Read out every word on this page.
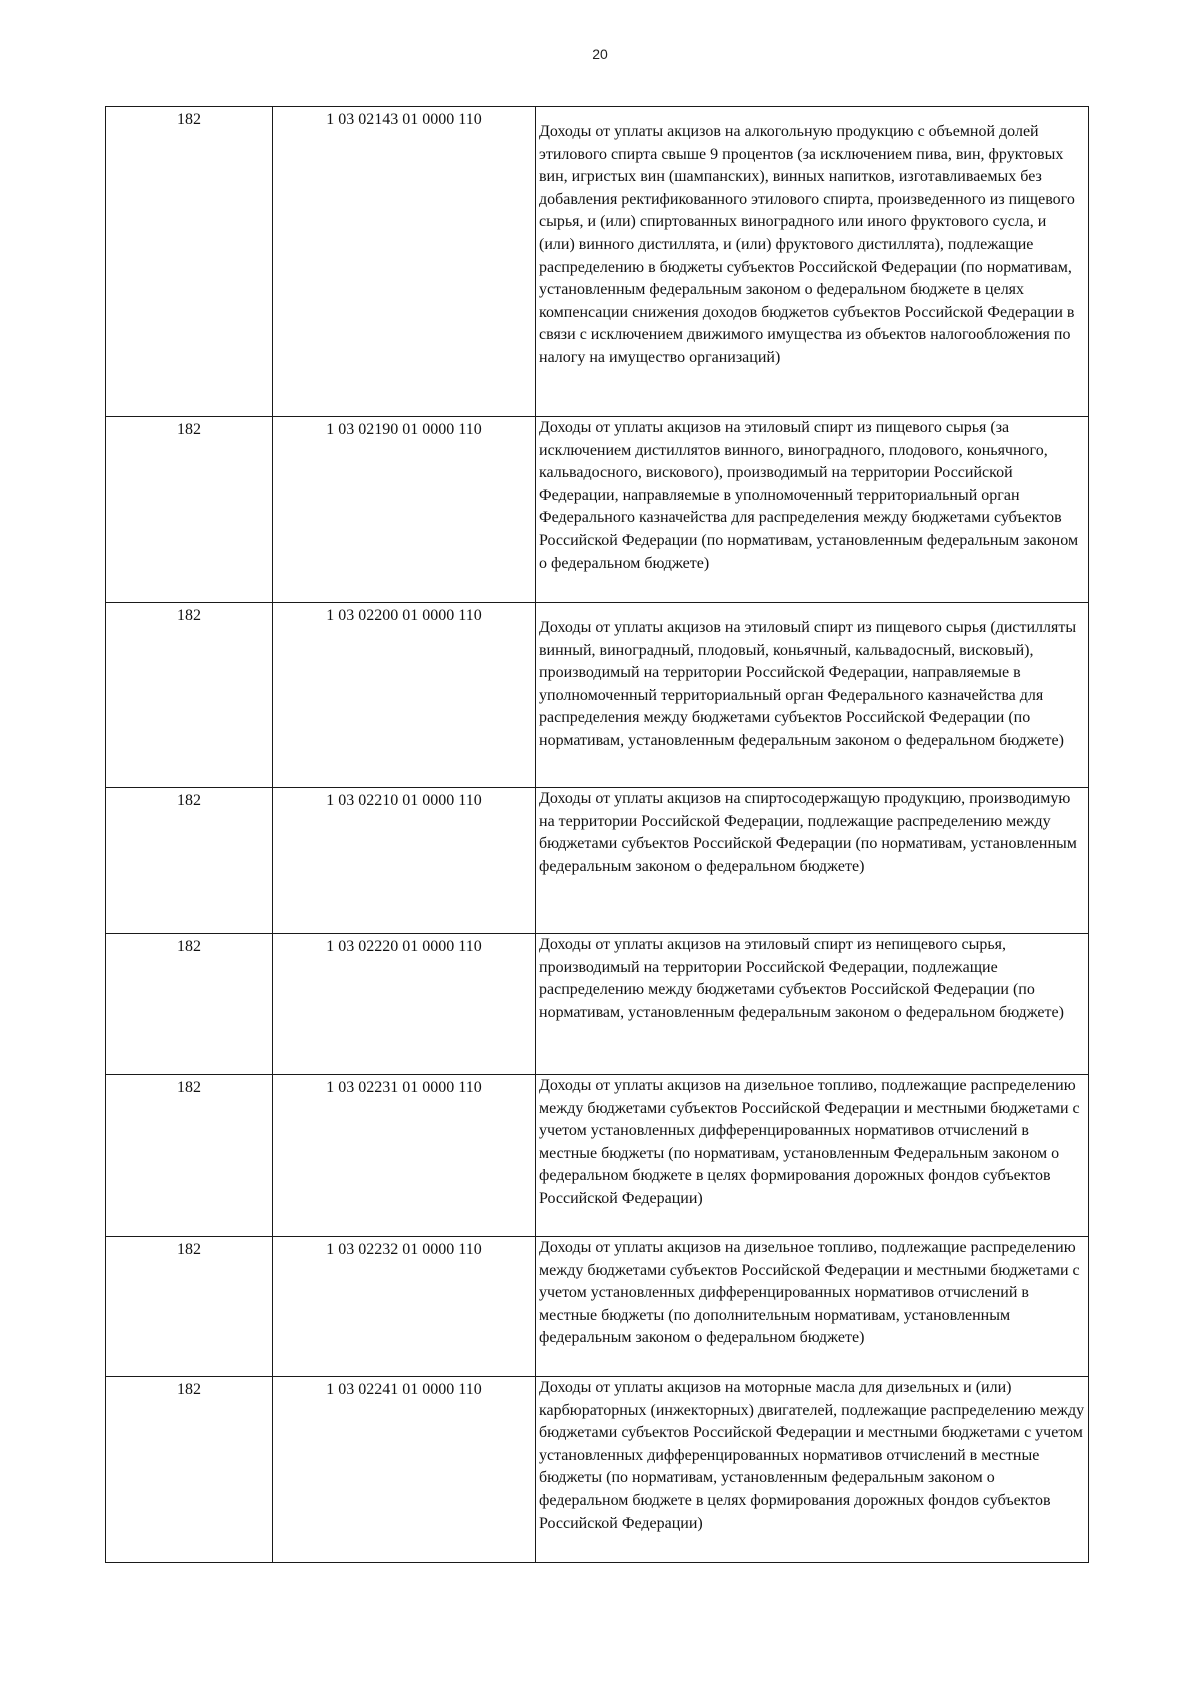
20
182	1 03 02143 01 0000 110	Доходы от уплаты акцизов на алкогольную продукцию с объемной долей этилового спирта свыше 9 процентов (за исключением пива, вин, фруктовых вин, игристых вин (шампанских), винных напитков, изготавливаемых без добавления ректификованного этилового спирта, произведенного из пищевого сырья, и (или) спиртованных виноградного или иного фруктового сусла, и (или) винного дистиллята, и (или) фруктового дистиллята), подлежащие распределению в бюджеты субъектов Российской Федерации (по нормативам, установленным федеральным законом о федеральном бюджете в целях компенсации снижения доходов бюджетов субъектов Российской Федерации в связи с исключением движимого имущества из объектов налогообложения по налогу на имущество организаций)
182	1 03 02190 01 0000 110	Доходы от уплаты акцизов на этиловый спирт из пищевого сырья (за исключением дистиллятов винного, виноградного, плодового, коньячного, кальвадосного, вискового), производимый на территории Российской Федерации, направляемые в уполномоченный территориальный орган Федерального казначейства для распределения между бюджетами субъектов Российской Федерации (по нормативам, установленным федеральным законом о федеральном бюджете)
182	1 03 02200 01 0000 110	Доходы от уплаты акцизов на этиловый спирт из пищевого сырья (дистилляты винный, виноградный, плодовый, коньячный, кальвадосный, висковый), производимый на территории Российской Федерации, направляемые в уполномоченный территориальный орган Федерального казначейства для распределения между бюджетами субъектов Российской Федерации (по нормативам, установленным федеральным законом о федеральном бюджете)
182	1 03 02210 01 0000 110	Доходы от уплаты акцизов на спиртосодержащую продукцию, производимую на территории Российской Федерации, подлежащие распределению между бюджетами субъектов Российской Федерации (по нормативам, установленным федеральным законом о федеральном бюджете)
182	1 03 02220 01 0000 110	Доходы от уплаты акцизов на этиловый спирт из непищевого сырья, производимый на территории Российской Федерации, подлежащие распределению между бюджетами субъектов Российской Федерации (по нормативам, установленным федеральным законом о федеральном бюджете)
182	1 03 02231 01 0000 110	Доходы от уплаты акцизов на дизельное топливо, подлежащие распределению между бюджетами субъектов Российской Федерации и местными бюджетами с учетом установленных дифференцированных нормативов отчислений в местные бюджеты (по нормативам, установленным Федеральным законом о федеральном бюджете в целях формирования дорожных фондов субъектов Российской Федерации)
182	1 03 02232 01 0000 110	Доходы от уплаты акцизов на дизельное топливо, подлежащие распределению между бюджетами субъектов Российской Федерации и местными бюджетами с учетом установленных дифференцированных нормативов отчислений в местные бюджеты (по дополнительным нормативам, установленным федеральным законом о федеральном бюджете)
182	1 03 02241 01 0000 110	Доходы от уплаты акцизов на моторные масла для дизельных и (или) карбюраторных (инжекторных) двигателей, подлежащие распределению между бюджетами субъектов Российской Федерации и местными бюджетами с учетом установленных дифференцированных нормативов отчислений в местные бюджеты (по нормативам, установленным федеральным законом о федеральном бюджете в целях формирования дорожных фондов субъектов Российской Федерации)
